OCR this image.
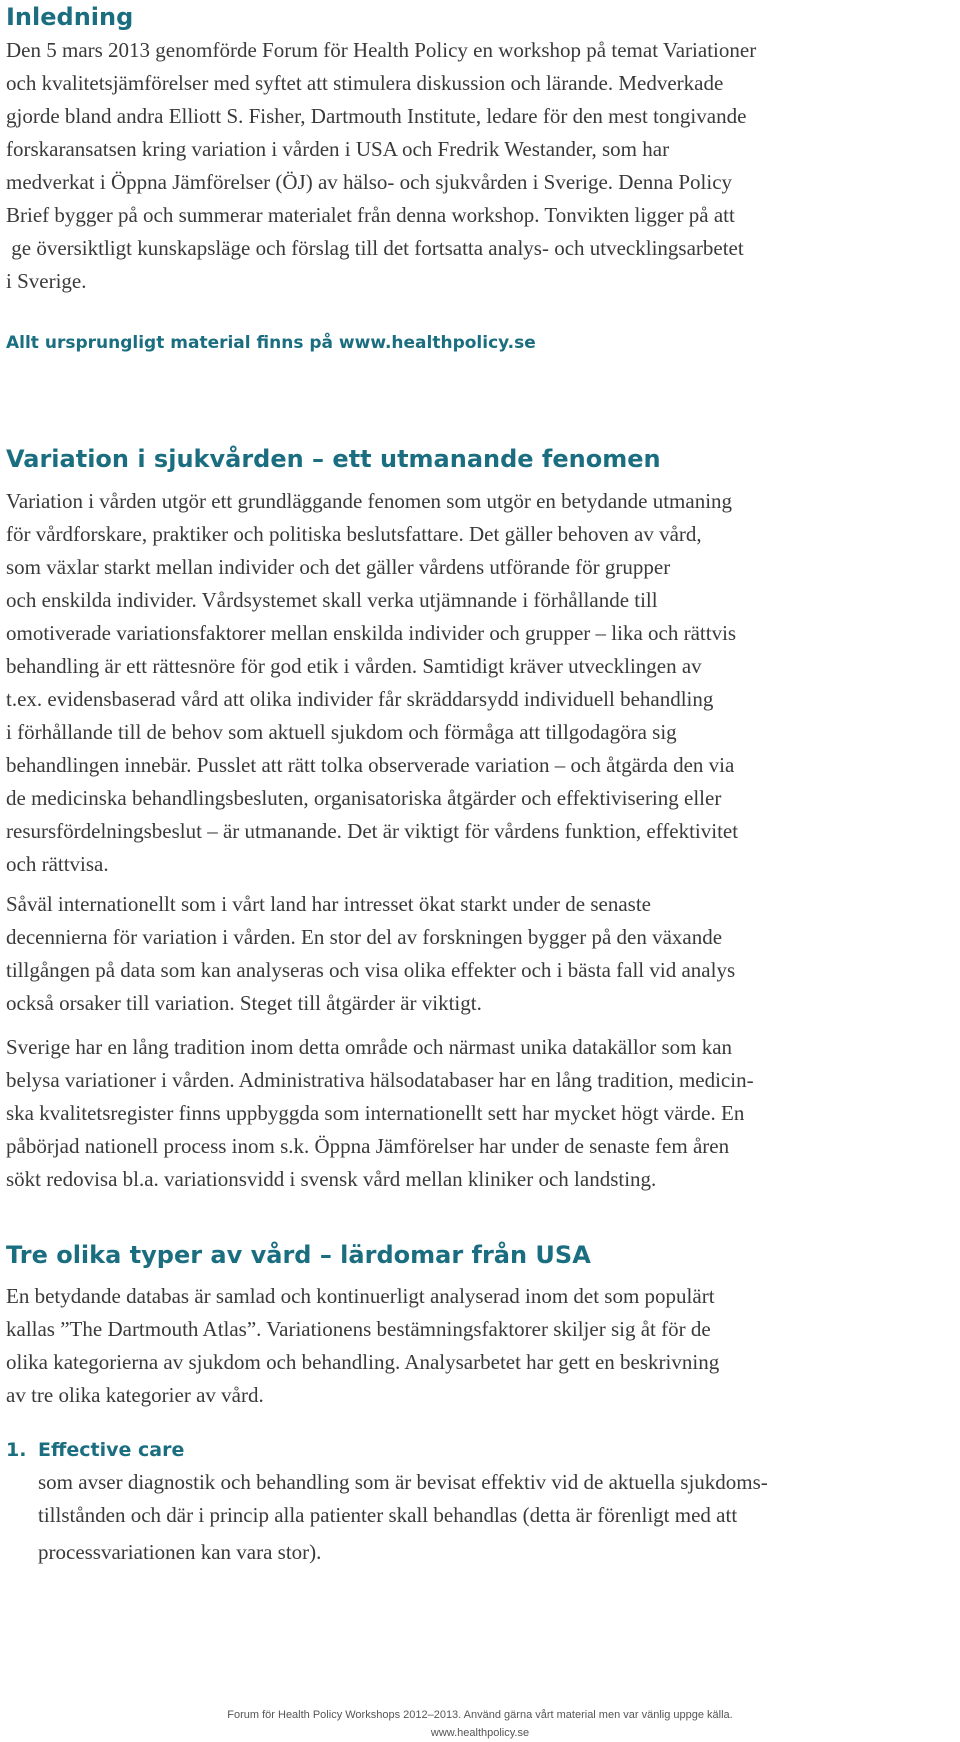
Inledning

Den 5 mars 2013 genomförde Forum för Health Policy en workshop på temat Variationer
och kvalitetsjämförelser med syftet att stimulera diskussion och lärande. Medverkade
gjorde bland andra Elliott S. Fisher, Dartmouth Institute, ledare för den mest tongivande
forskaransatsen kring variation i vården i USA och Fredrik Westander, som har
medverkat i Öppna Jämförelser (ÖJ) av hälso- och sjukvården i Sverige. Denna Policy
Brief bygger på och summerar materialet från denna workshop. Tonvikten ligger på att
ge översiktligt kunskapsläge och förslag till det fortsatta analys- och utvecklingsarbetet
i Sverige.

Allt ursprungligt material finns på www.healthpolicy.se

Variation i sjukvården – ett utmanande fenomen

Variation i vården utgör ett grundläggande fenomen som utgör en betydande utmaning
för vårdforskare, praktiker och politiska beslutsfattare. Det gäller behoven av vård,
som växlar starkt mellan individer och det gäller vårdens utförande för grupper
och enskilda individer. Vårdsystemet skall verka utjämnande i förhållande till
omotiverade variationsfaktorer mellan enskilda individer och grupper – lika och rättvis
behandling är ett rättesnöre för god etik i vården. Samtidigt kräver utvecklingen av
t.ex. evidensbaserad vård att olika individer får skräddarsydd individuell behandling
i förhållande till de behov som aktuell sjukdom och förmåga att tillgodagöra sig
behandlingen innebär. Pusslet att rätt tolka observerade variation – och åtgärda den via
de medicinska behandlingsbesluten, organisatoriska åtgärder och effektivisering eller
resursfördelningsbeslut – är utmanande. Det är viktigt för vårdens funktion, effektivitet
och rättvisa.

Såväl internationellt som i vårt land har intresset ökat starkt under de senaste
decennierna för variation i vården. En stor del av forskningen bygger på den växande
tillgången på data som kan analyseras och visa olika effekter och i bästa fall vid analys
också orsaker till variation. Steget till åtgärder är viktigt.

Sverige har en lång tradition inom detta område och närmast unika datakällor som kan
belysa variationer i vården. Administrativa hälsodatabaser har en lång tradition, medicin-
ska kvalitetsregister finns uppbyggda som internationellt sett har mycket högt värde. En
påbörjad nationell process inom s.k. Öppna Jämförelser har under de senaste fem åren
sökt redovisa bl.a. variationsvidd i svensk vård mellan kliniker och landsting.

Tre olika typer av vård – lärdomar från USA

En betydande databas är samlad och kontinuerligt analyserad inom det som populärt
kallas ”The Dartmouth Atlas”. Variationens bestämningsfaktorer skiljer sig åt för de
olika kategorierna av sjukdom och behandling. Analysarbetet har gett en beskrivning
av tre olika kategorier av vård.

1. Effective care

som avser diagnostik och behandling som är bevisat effektiv vid de aktuella sjukdoms-
tillstånden och där i princip alla patienter skall behandlas (detta är förenligt med att
processvariationen kan vara stor).

Forum för Health Policy Workshops 2012–2013. Använd gärna vårt material men var vänlig uppge källa.
www.healthpolicy.se
